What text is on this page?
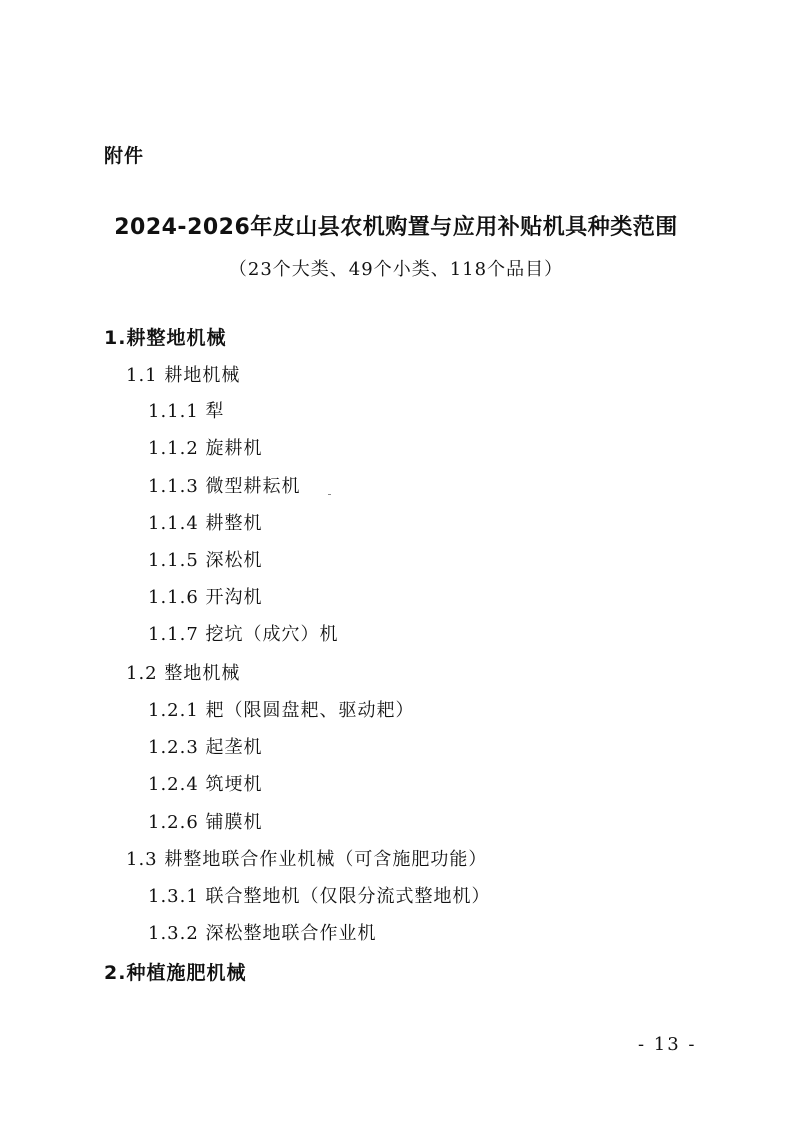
附件
2024-2026年皮山县农机购置与应用补贴机具种类范围
（23个大类、49个小类、118个品目）
1.耕整地机械
1.1 耕地机械
1.1.1 犁
1.1.2 旋耕机
1.1.3 微型耕耘机
1.1.4 耕整机
1.1.5 深松机
1.1.6 开沟机
1.1.7 挖坑（成穴）机
1.2 整地机械
1.2.1 耙（限圆盘耙、驱动耙）
1.2.3 起垄机
1.2.4 筑埂机
1.2.6 铺膜机
1.3 耕整地联合作业机械（可含施肥功能）
1.3.1 联合整地机（仅限分流式整地机）
1.3.2 深松整地联合作业机
2.种植施肥机械
- 13 -
